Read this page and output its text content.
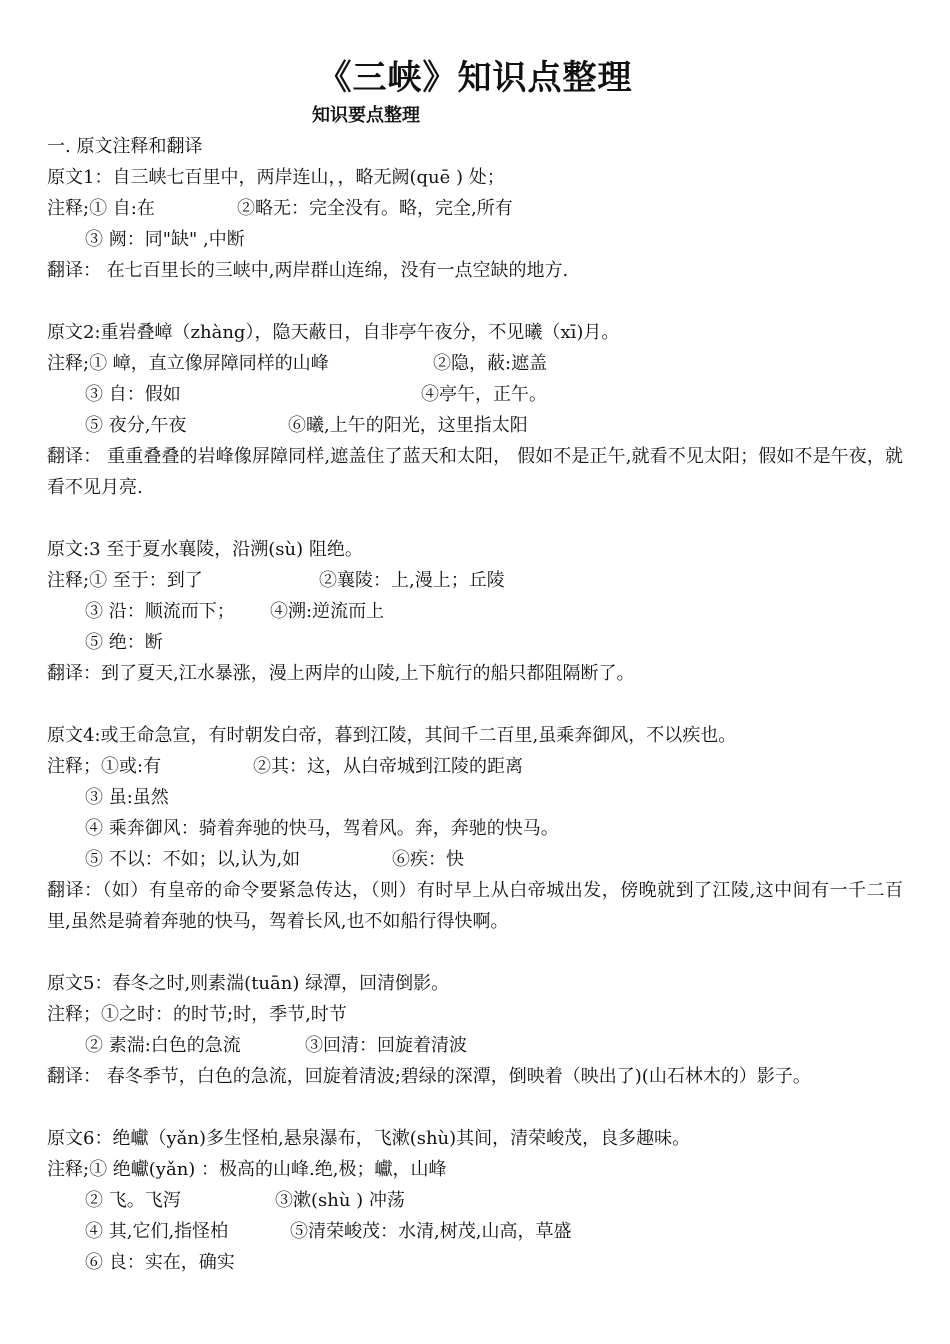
《三峡》知识点整理
知识要点整理
一. 原文注释和翻译
原文1：自三峡七百里中，两岸连山，，略无阙(quē ) 处；
注释;① 自:在	②略无：完全没有。略，完全,所有
③ 阙：同"缺" ,中断
翻译： 在七百里长的三峡中,两岸群山连绵，没有一点空缺的地方.
原文2:重岩叠嶂（zhàng），隐天蔽日，自非亭午夜分，不见曦（xī)月。
注释;① 嶂，直立像屏障同样的山峰	②隐，蔽:遮盖
③ 自：假如	④亭午，正午。
⑤ 夜分,午夜	⑥曦,上午的阳光，这里指太阳
翻译： 重重叠叠的岩峰像屏障同样,遮盖住了蓝天和太阳， 假如不是正午,就看不见太阳；假如不是午夜，就看不见月亮.
原文:3 至于夏水襄陵，沿溯(sù) 阻绝。
注释;① 至于：到了	②襄陵：上,漫上；丘陵
③ 沿：顺流而下； ④溯:逆流而上
⑤ 绝：断
翻译：到了夏天,江水暴涨，漫上两岸的山陵,上下航行的船只都阻隔断了。
原文4:或王命急宣，有时朝发白帝，暮到江陵，其间千二百里,虽乘奔御风，不以疾也。
注释；①或:有	②其：这，从白帝城到江陵的距离
③ 虽:虽然
④ 乘奔御风：骑着奔驰的快马，驾着风。奔，奔驰的快马。
⑤ 不以：不如；以,认为,如	⑥疾：快
翻译：（如）有皇帝的命令要紧急传达，（则）有时早上从白帝城出发，傍晚就到了江陵,这中间有一千二百里,虽然是骑着奔驰的快马，驾着长风,也不如船行得快啊。
原文5：春冬之时,则素湍(tuān) 绿潭，回清倒影。
注释；①之时：的时节;时，季节,时节
② 素湍:白色的急流	③回清：回旋着清波
翻译： 春冬季节，白色的急流，回旋着清波;碧绿的深潭，倒映着（映出了)(山石林木的）影子。
原文6：绝巘（yǎn)多生怪柏,悬泉瀑布，飞漱(shù)其间，清荣峻茂，良多趣味。
注释;① 绝巘(yǎn) ：极高的山峰.绝,极；巘，山峰
② 飞。飞泻	③漱(shù ) 冲荡
④ 其,它们,指怪柏	⑤清荣峻茂：水清,树茂,山高，草盛
⑥ 良：实在，确实
